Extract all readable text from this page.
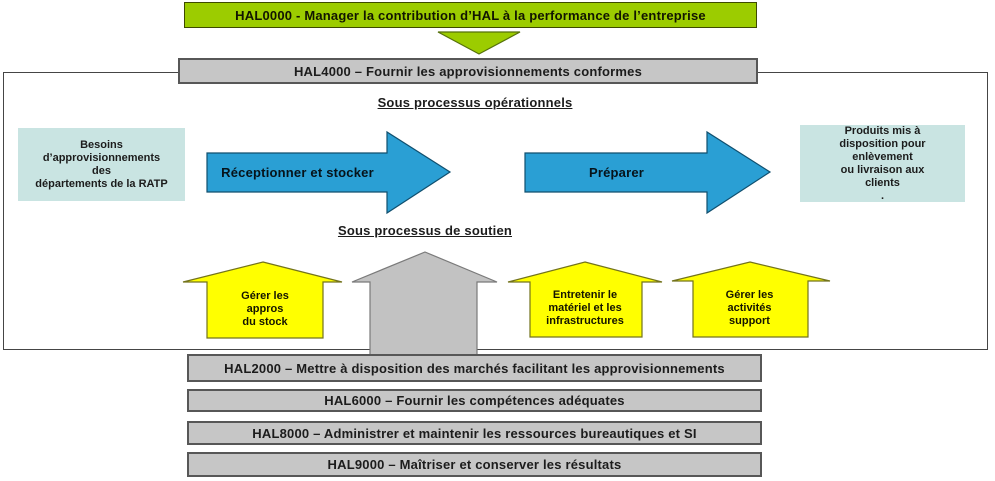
HAL0000 - Manager la contribution d’HAL à la performance de l’entreprise
HAL4000 – Fournir les approvisionnements conformes
Sous processus opérationnels
Besoins
d’approvisionnements
des
départements de la RATP
Réceptionner et stocker	Préparer
Produits mis à
disposition pour
enlèvement
ou livraison aux
clients
.
Sous processus de soutien
Gérer les
appros
du stock
Entretenir le
matériel et les
infrastructures
Gérer les
activités
support
HAL2000 – Mettre à disposition des marchés facilitant les approvisionnements
HAL6000 – Fournir les compétences adéquates
HAL8000 – Administrer et maintenir les ressources bureautiques et SI
HAL9000 – Maîtriser et conserver les résultats
